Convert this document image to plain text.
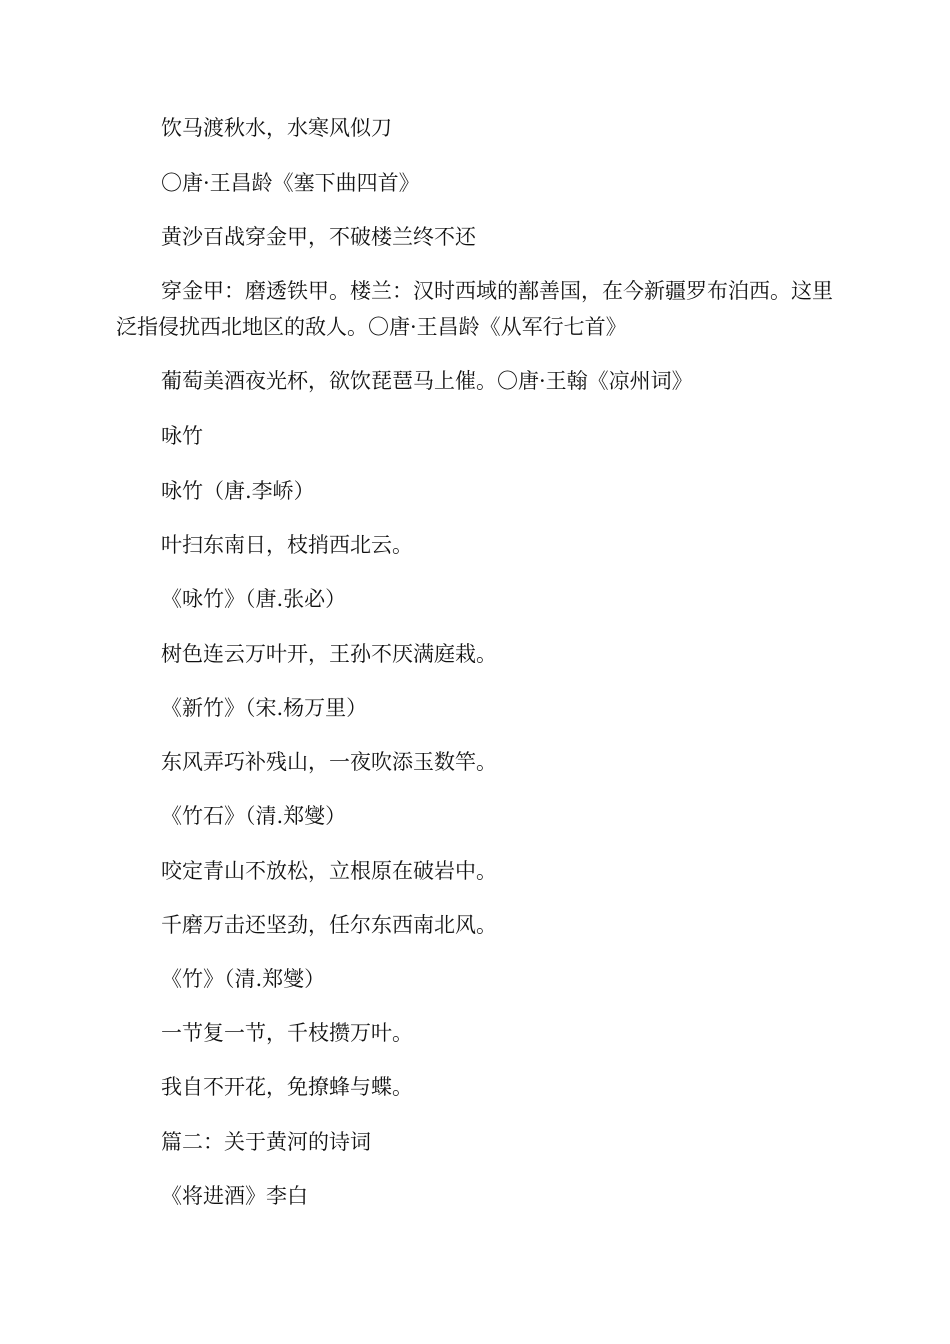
饮马渡秋水，水寒风似刀

〇唐·王昌龄《塞下曲四首》

黄沙百战穿金甲，不破楼兰终不还

穿金甲：磨透铁甲。楼兰：汉时西域的鄯善国，在今新疆罗布泊西。这里泛指侵扰西北地区的敌人。〇唐·王昌龄《从军行七首》

葡萄美酒夜光杯，欲饮琵琶马上催。〇唐·王翰《凉州词》

咏竹

咏竹（唐.李峤）

叶扫东南日，枝捎西北云。

《咏竹》（唐.张必）

树色连云万叶开，王孙不厌满庭栽。

《新竹》（宋.杨万里）

东风弄巧补残山，一夜吹添玉数竿。

《竹石》（清.郑燮）

咬定青山不放松，立根原在破岩中。

千磨万击还坚劲，任尔东西南北风。

《竹》（清.郑燮）

一节复一节，千枝攒万叶。

我自不开花，免撩蜂与蝶。

篇二：关于黄河的诗词

《将进酒》李白
